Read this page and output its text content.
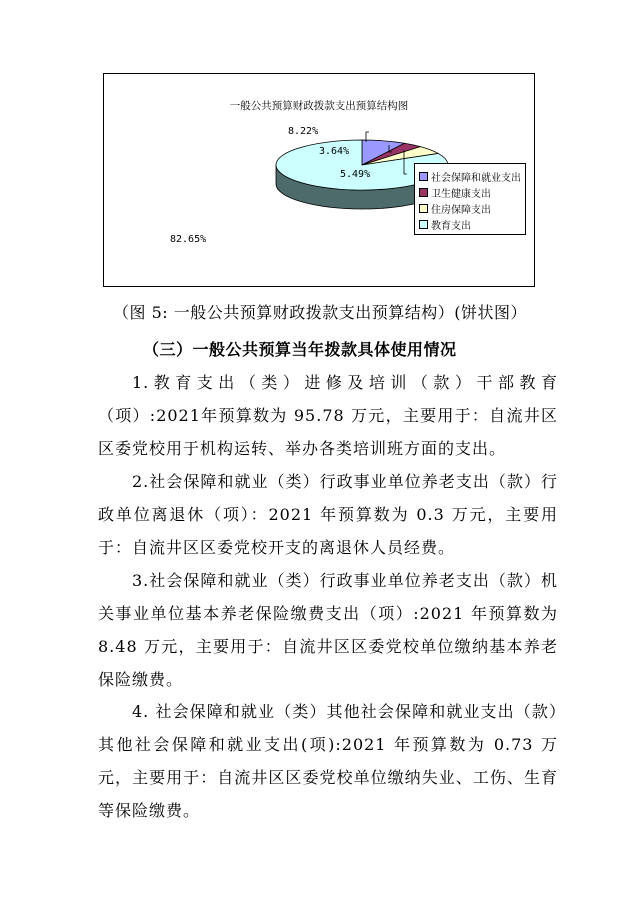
一般公共预算财政拨款支出预算结构图
8.22%
3.64%
5.49%
82.65%
社会保障和就业支出
卫生健康支出
住房保障支出
教育支出
（图 5: 一般公共预算财政拨款支出预算结构）(饼状图）
（三）一般公共预算当年拨款具体使用情况
1.教育支出（类）进修及培训（款）干部教育（项）:2021年预算数为 95.78 万元，主要用于：自流井区区委党校用于机构运转、举办各类培训班方面的支出。
2.社会保障和就业（类）行政事业单位养老支出（款）行政单位离退休（项）：2021 年预算数为 0.3 万元，主要用于：自流井区区委党校开支的离退休人员经费。
3.社会保障和就业（类）行政事业单位养老支出（款）机关事业单位基本养老保险缴费支出（项）:2021 年预算数为 8.48 万元，主要用于：自流井区区委党校单位缴纳基本养老保险缴费。
4. 社会保障和就业（类）其他社会保障和就业支出（款）其他社会保障和就业支出(项):2021 年预算数为 0.73 万元，主要用于：自流井区区委党校单位缴纳失业、工伤、生育等保险缴费。
